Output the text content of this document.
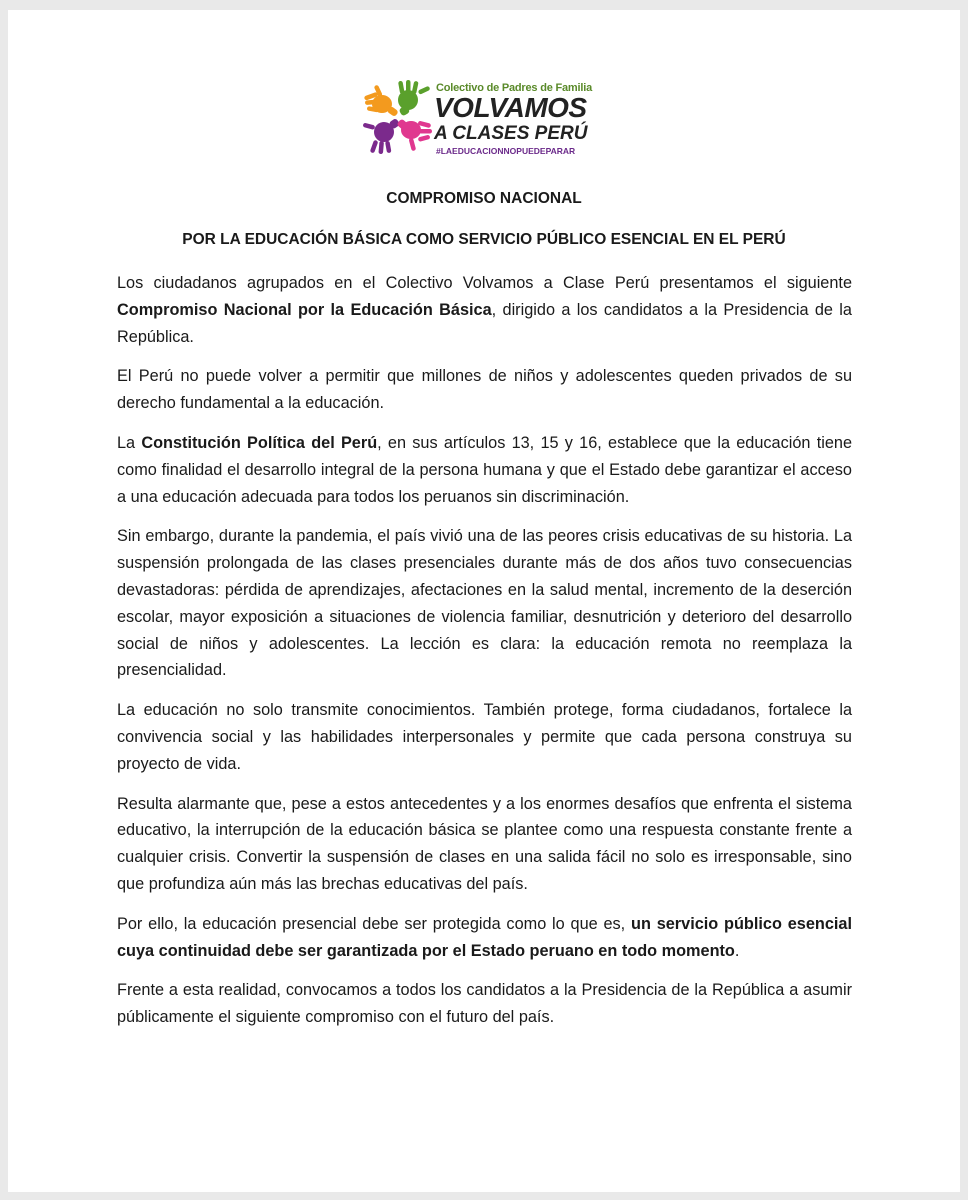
Colectivo de Padres de Familia
VOLVAMOS
A CLASES PERÚ
#LAEDUCACIONNOPUEDEPARAR
COMPROMISO NACIONAL
POR LA EDUCACIÓN BÁSICA COMO SERVICIO PÚBLICO ESENCIAL EN EL PERÚ

Los ciudadanos agrupados en el Colectivo Volvamos a Clase Perú presentamos el siguiente Compromiso Nacional por la Educación Básica, dirigido a los candidatos a la Presidencia de la República.

El Perú no puede volver a permitir que millones de niños y adolescentes queden privados de su derecho fundamental a la educación.

La Constitución Política del Perú, en sus artículos 13, 15 y 16, establece que la educación tiene como finalidad el desarrollo integral de la persona humana y que el Estado debe garantizar el acceso a una educación adecuada para todos los peruanos sin discriminación.

Sin embargo, durante la pandemia, el país vivió una de las peores crisis educativas de su historia. La suspensión prolongada de las clases presenciales durante más de dos años tuvo consecuencias devastadoras: pérdida de aprendizajes, afectaciones en la salud mental, incremento de la deserción escolar, mayor exposición a situaciones de violencia familiar, desnutrición y deterioro del desarrollo social de niños y adolescentes. La lección es clara: la educación remota no reemplaza la presencialidad.

La educación no solo transmite conocimientos. También protege, forma ciudadanos, fortalece la convivencia social y las habilidades interpersonales y permite que cada persona construya su proyecto de vida.

Resulta alarmante que, pese a estos antecedentes y a los enormes desafíos que enfrenta el sistema educativo, la interrupción de la educación básica se plantee como una respuesta constante frente a cualquier crisis. Convertir la suspensión de clases en una salida fácil no solo es irresponsable, sino que profundiza aún más las brechas educativas del país.

Por ello, la educación presencial debe ser protegida como lo que es, un servicio público esencial cuya continuidad debe ser garantizada por el Estado peruano en todo momento.

Frente a esta realidad, convocamos a todos los candidatos a la Presidencia de la República a asumir públicamente el siguiente compromiso con el futuro del país.
